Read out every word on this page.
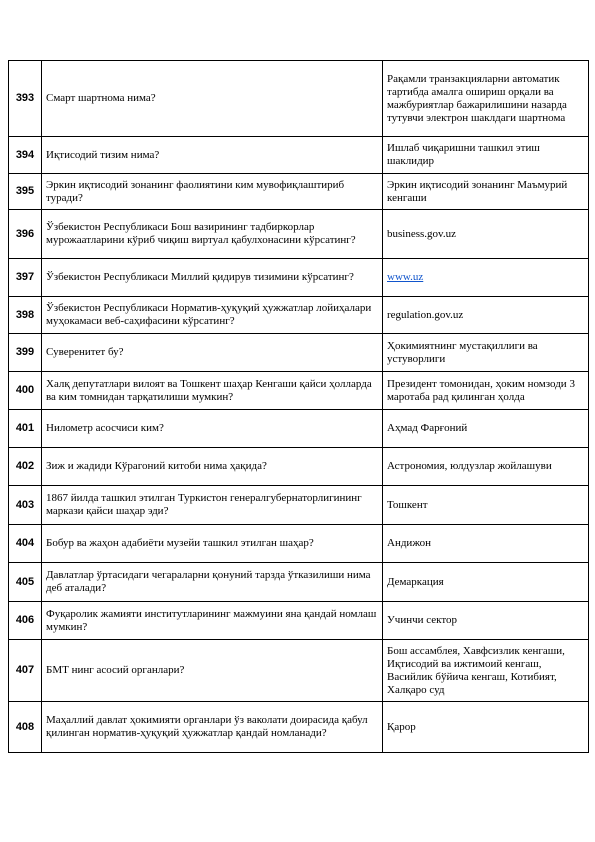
393	Смарт шартнома нима?	Рақамли транзакцияларни автоматик тартибда амалга ошириш орқали ва мажбуриятлар бажарилишини назарда тутувчи электрон шаклдаги шартнома
394	Иқтисодий тизим нима?	Ишлаб чиқаришни ташкил этиш шаклидир
395	Эркин иқтисодий зонанинг фаолиятини ким мувофиқлаштириб туради?	Эркин иқтисодий зонанинг Маъмурий кенгаши
396	Ўзбекистон Республикаси Бош вазирининг тадбиркорлар мурожаатларини кўриб чиқиш виртуал қабулхонасини кўрсатинг?	business.gov.uz
397	Ўзбекистон Республикаси Миллий қидирув тизимини кўрсатинг?	www.uz
398	Ўзбекистон Республикаси Норматив-ҳуқуқий ҳужжатлар лойиҳалари муҳокамаси веб-саҳифасини кўрсатинг?	regulation.gov.uz
399	Суверенитет бу?	Ҳокимиятнинг мустақиллиги ва устуворлиги
400	Халқ депутатлари вилоят ва Тошкент шаҳар Кенгаши қайси ҳолларда ва ким томнидан тарқатилиши мумкин?	Президент томонидан, ҳоким номзоди 3 маротаба рад қилинган ҳолда
401	Нилометр асосчиси ким?	Аҳмад Фарғоний
402	Зиж и жадиди Кўрагоний китоби нима ҳақида?	Астрономия, юлдузлар жойлашуви
403	1867 йилда ташкил этилган Туркистон генералгубернаторлигининг маркази қайси шаҳар эди?	Тошкент
404	Бобур ва жаҳон адабиёти музейи ташкил этилган шаҳар?	Андижон
405	Давлатлар ўртасидаги чегараларни қонуний тарзда ўтказилиши нима деб аталади?	Демаркация
406	Фуқаролик жамияти институтларининг мажмуини яна қандай номлаш мумкин?	Учинчи сектор
407	БМТ нинг асосий органлари?	Бош ассамблея, Хавфсизлик кенгаши, Иқтисодий ва ижтимоий кенгаш, Васийлик бўйича кенгаш, Котибият, Халқаро суд
408	Маҳаллий давлат ҳокимияти органлари ўз ваколати доирасида қабул қилинган норматив-ҳуқуқий ҳужжатлар қандай номланади?	Қарор
